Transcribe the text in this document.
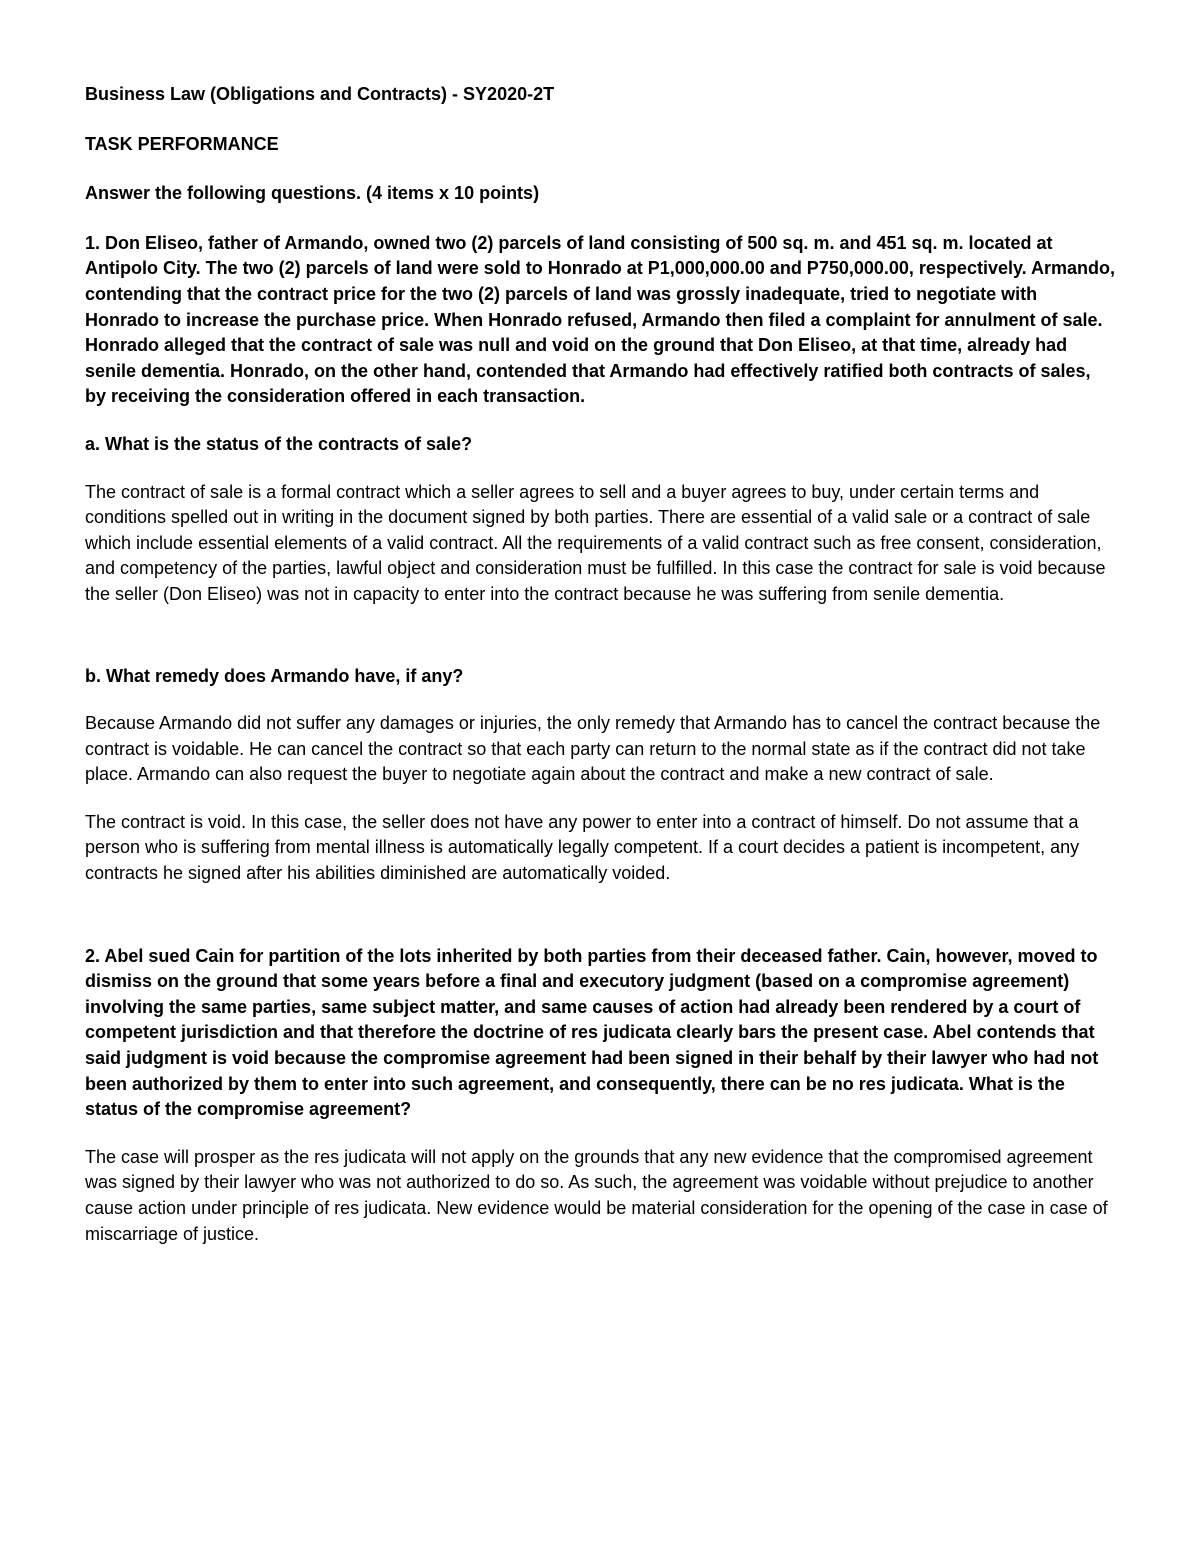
Business Law (Obligations and Contracts) - SY2020-2T

TASK PERFORMANCE

Answer the following questions. (4 items x 10 points)

1. Don Eliseo, father of Armando, owned two (2) parcels of land consisting of 500 sq. m. and 451 sq. m. located at Antipolo City. The two (2) parcels of land were sold to Honrado at P1,000,000.00 and P750,000.00, respectively. Armando, contending that the contract price for the two (2) parcels of land was grossly inadequate, tried to negotiate with Honrado to increase the purchase price. When Honrado refused, Armando then filed a complaint for annulment of sale. Honrado alleged that the contract of sale was null and void on the ground that Don Eliseo, at that time, already had senile dementia. Honrado, on the other hand, contended that Armando had effectively ratified both contracts of sales, by receiving the consideration offered in each transaction.

a. What is the status of the contracts of sale?

The contract of sale is a formal contract which a seller agrees to sell and a buyer agrees to buy, under certain terms and conditions spelled out in writing in the document signed by both parties. There are essential of a valid sale or a contract of sale which include essential elements of a valid contract. All the requirements of a valid contract such as free consent, consideration, and competency of the parties, lawful object and consideration must be fulfilled. In this case the contract for sale is void because the seller (Don Eliseo) was not in capacity to enter into the contract because he was suffering from senile dementia.

b. What remedy does Armando have, if any?

Because Armando did not suffer any damages or injuries, the only remedy that Armando has to cancel the contract because the contract is voidable. He can cancel the contract so that each party can return to the normal state as if the contract did not take place. Armando can also request the buyer to negotiate again about the contract and make a new contract of sale.

The contract is void. In this case, the seller does not have any power to enter into a contract of himself. Do not assume that a person who is suffering from mental illness is automatically legally competent. If a court decides a patient is incompetent, any contracts he signed after his abilities diminished are automatically voided.

2. Abel sued Cain for partition of the lots inherited by both parties from their deceased father. Cain, however, moved to dismiss on the ground that some years before a final and executory judgment (based on a compromise agreement) involving the same parties, same subject matter, and same causes of action had already been rendered by a court of competent jurisdiction and that therefore the doctrine of res judicata clearly bars the present case. Abel contends that said judgment is void because the compromise agreement had been signed in their behalf by their lawyer who had not been authorized by them to enter into such agreement, and consequently, there can be no res judicata. What is the status of the compromise agreement?

The case will prosper as the res judicata will not apply on the grounds that any new evidence that the compromised agreement was signed by their lawyer who was not authorized to do so. As such, the agreement was voidable without prejudice to another cause action under principle of res judicata. New evidence would be material consideration for the opening of the case in case of miscarriage of justice.
